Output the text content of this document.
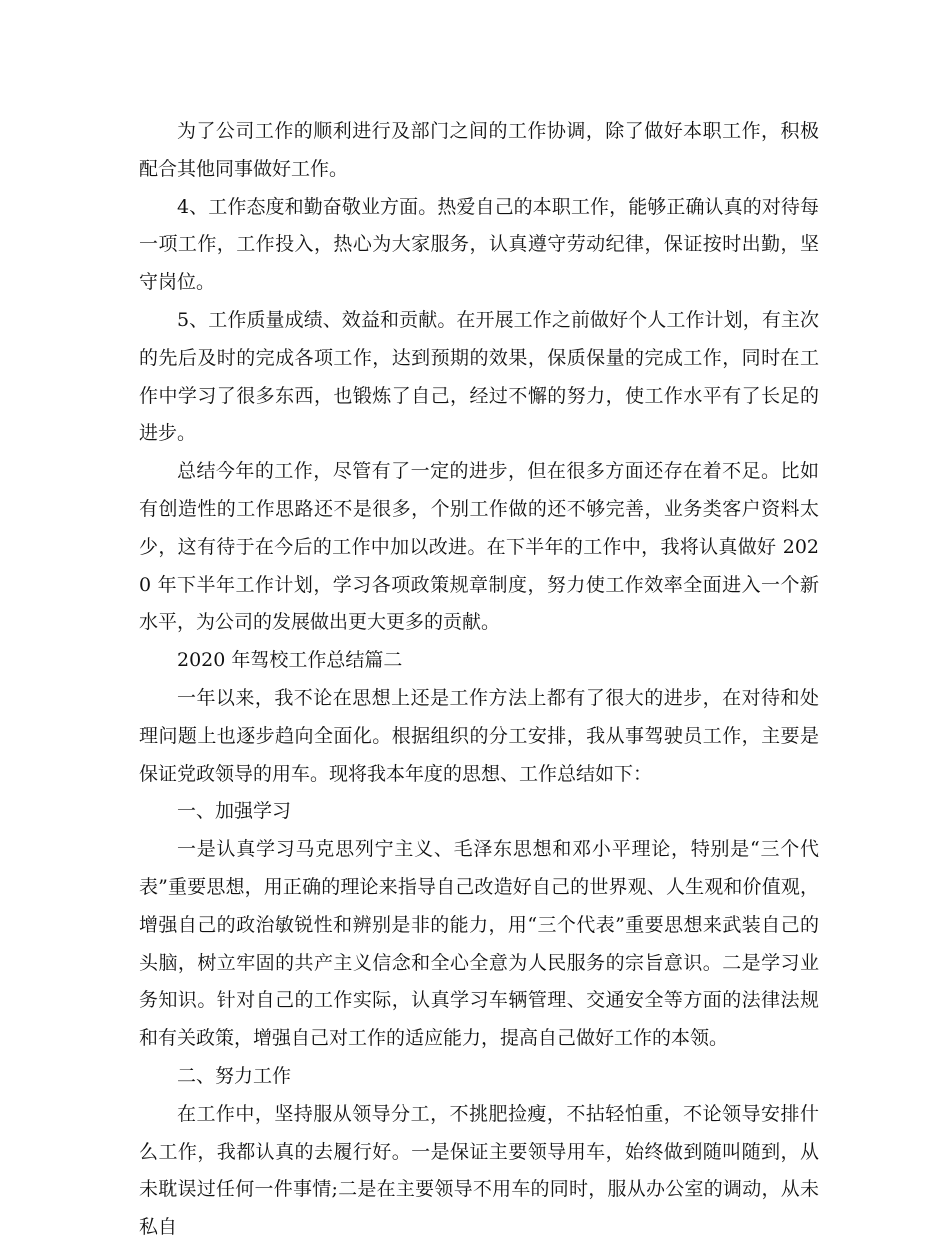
为了公司工作的顺利进行及部门之间的工作协调，除了做好本职工作，积极配合其他同事做好工作。

4、工作态度和勤奋敬业方面。热爱自己的本职工作，能够正确认真的对待每一项工作，工作投入，热心为大家服务，认真遵守劳动纪律，保证按时出勤，坚守岗位。

5、工作质量成绩、效益和贡献。在开展工作之前做好个人工作计划，有主次的先后及时的完成各项工作，达到预期的效果，保质保量的完成工作，同时在工作中学习了很多东西，也锻炼了自己，经过不懈的努力，使工作水平有了长足的进步。

总结今年的工作，尽管有了一定的进步，但在很多方面还存在着不足。比如有创造性的工作思路还不是很多，个别工作做的还不够完善，业务类客户资料太少，这有待于在今后的工作中加以改进。在下半年的工作中，我将认真做好 2020 年下半年工作计划，学习各项政策规章制度，努力使工作效率全面进入一个新水平，为公司的发展做出更大更多的贡献。

2020 年驾校工作总结篇二

一年以来，我不论在思想上还是工作方法上都有了很大的进步，在对待和处理问题上也逐步趋向全面化。根据组织的分工安排，我从事驾驶员工作，主要是保证党政领导的用车。现将我本年度的思想、工作总结如下：

一、加强学习

一是认真学习马克思列宁主义、毛泽东思想和邓小平理论，特别是“三个代表”重要思想，用正确的理论来指导自己改造好自己的世界观、人生观和价值观，增强自己的政治敏锐性和辨别是非的能力，用“三个代表”重要思想来武装自己的头脑，树立牢固的共产主义信念和全心全意为人民服务的宗旨意识。二是学习业务知识。针对自己的工作实际，认真学习车辆管理、交通安全等方面的法律法规和有关政策，增强自己对工作的适应能力，提高自己做好工作的本领。

二、努力工作

在工作中，坚持服从领导分工，不挑肥捡瘦，不拈轻怕重，不论领导安排什么工作，我都认真的去履行好。一是保证主要领导用车，始终做到随叫随到，从未耽误过任何一件事情;二是在主要领导不用车的同时，服从办公室的调动，从未私自
